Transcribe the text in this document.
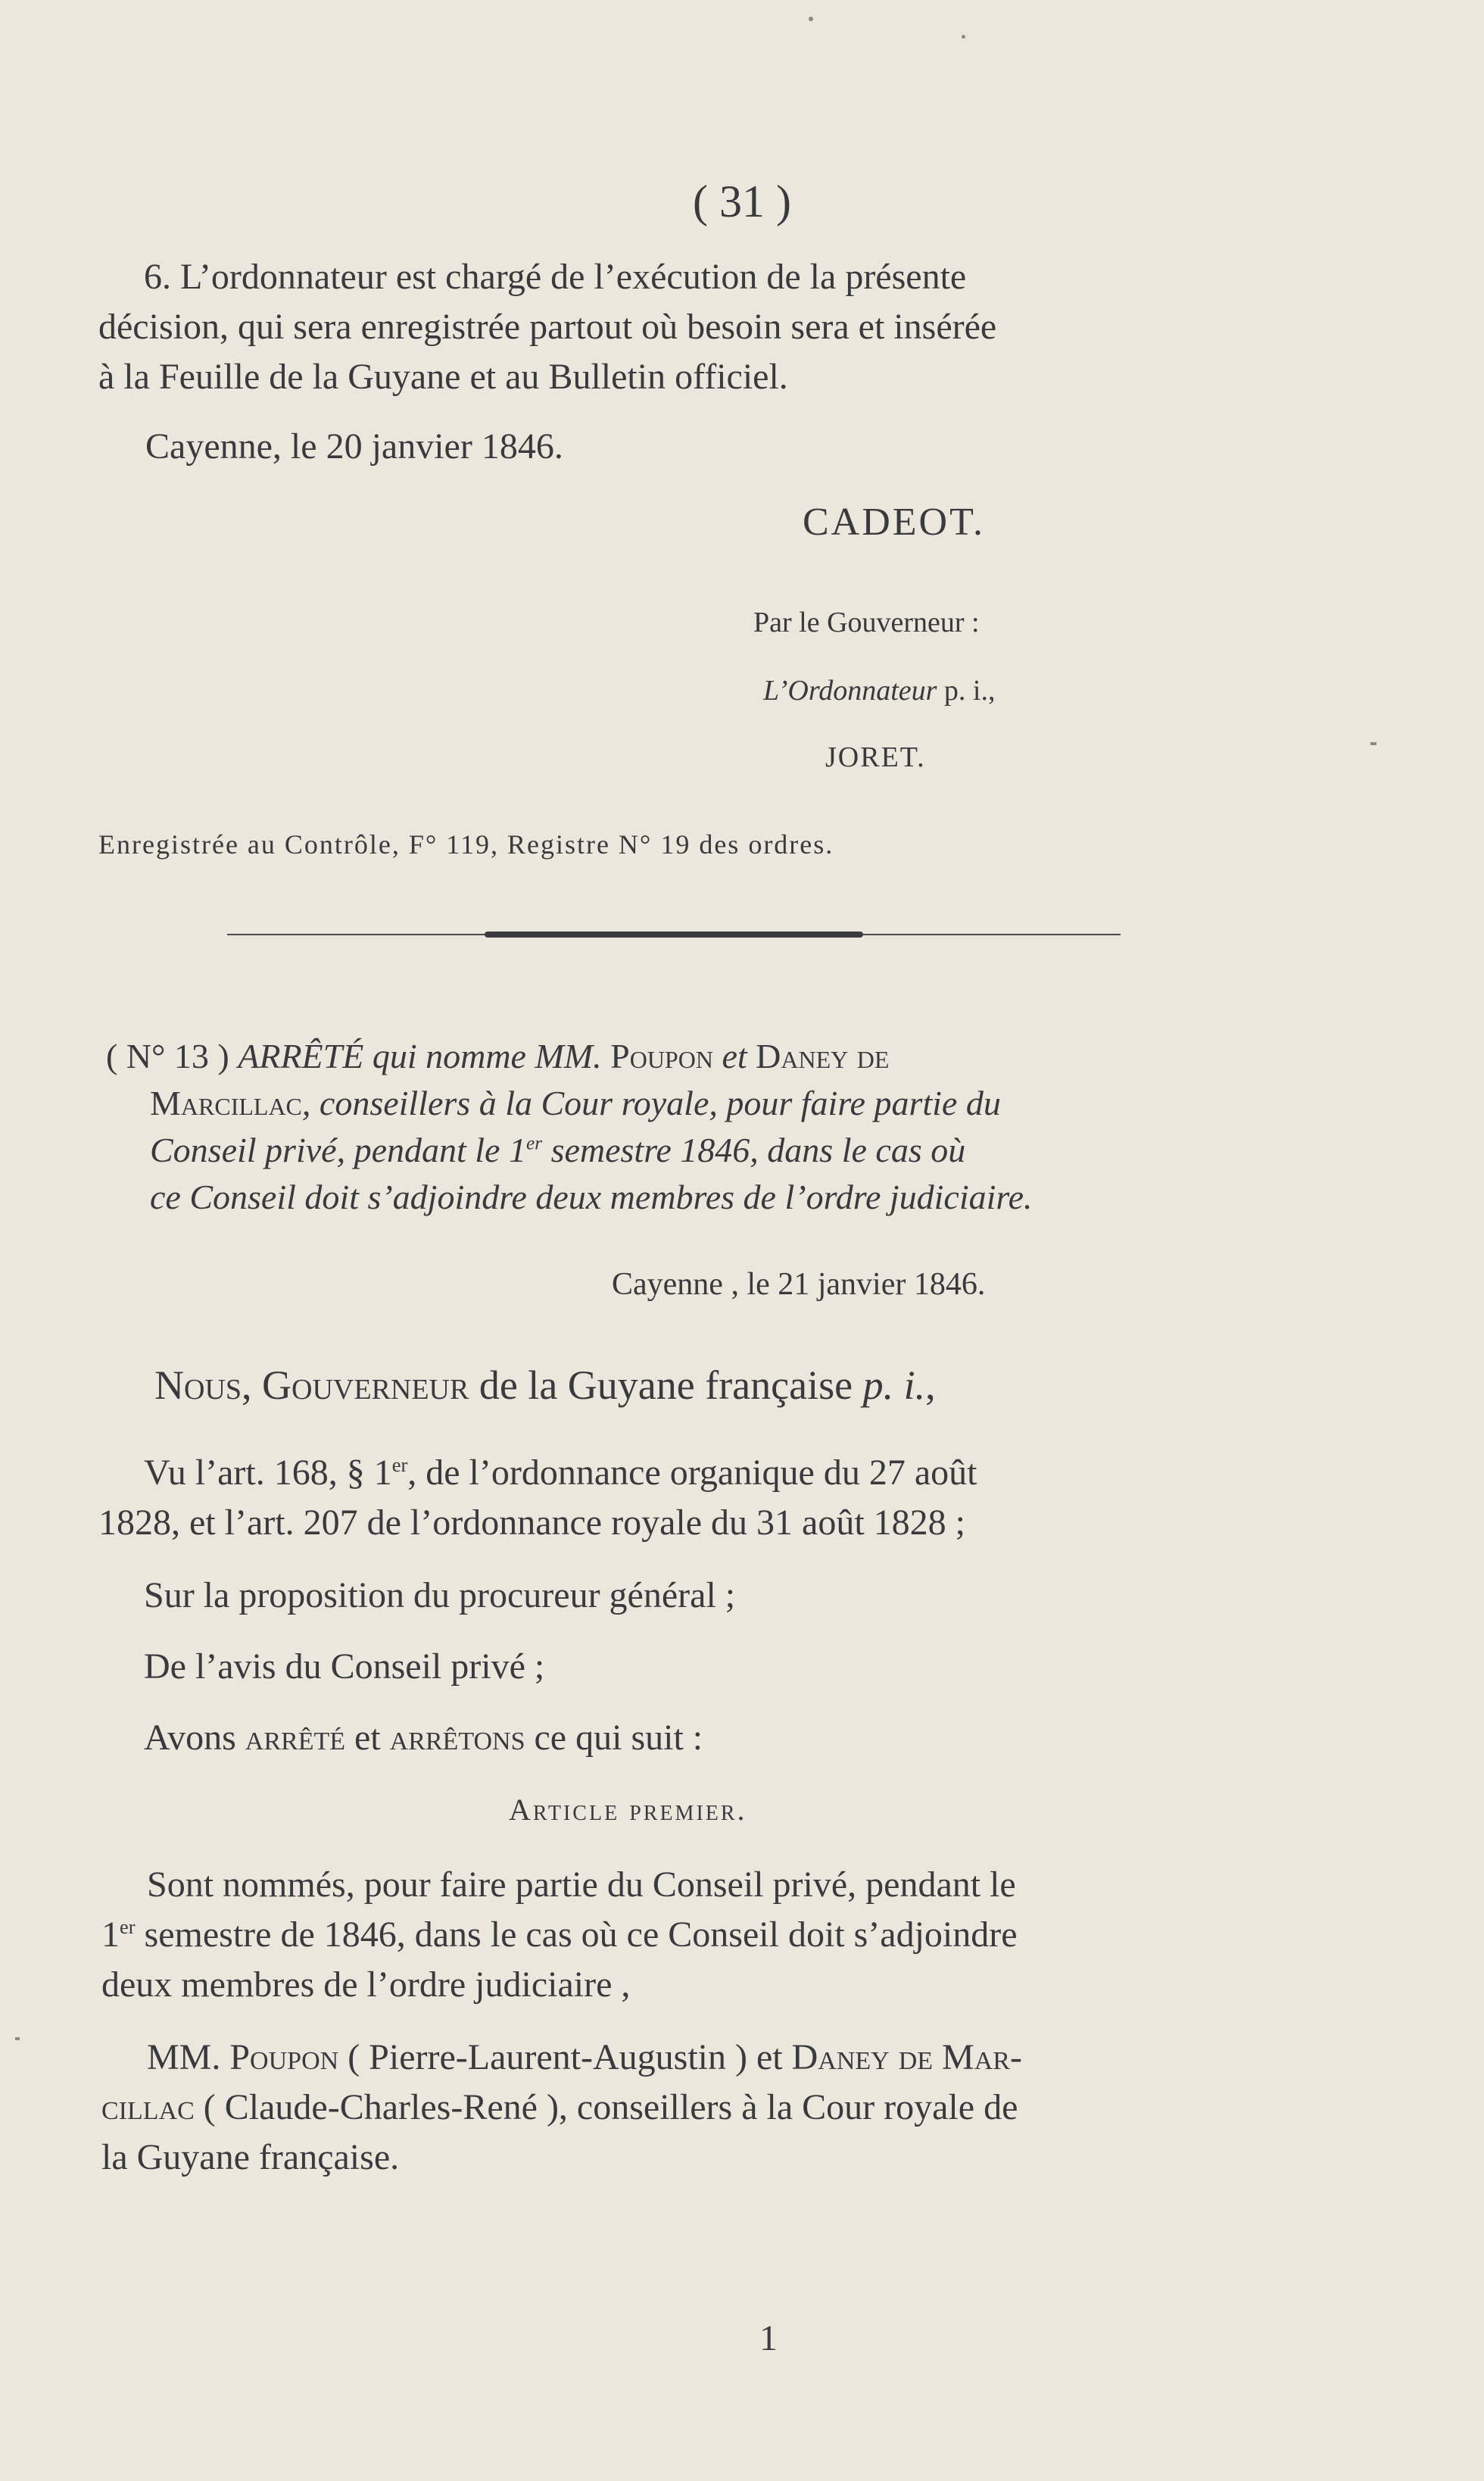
( 31 )
6. L’ordonnateur est chargé de l’exécution de la présente
décision, qui sera enregistrée partout où besoin sera et insérée
à la Feuille de la Guyane et au Bulletin officiel.
Cayenne, le 20 janvier 1846.
CADEOT.
Par le Gouverneur :
L’Ordonnateur p. i.,
JORET.
Enregistrée au Contrôle, F° 119, Registre N° 19 des ordres.
( N° 13 ) ARRÊTÉ qui nomme MM. Poupon et Daney de
Marcillac, conseillers à la Cour royale, pour faire partie du
Conseil privé, pendant le 1er semestre 1846, dans le cas où
ce Conseil doit s’adjoindre deux membres de l’ordre judiciaire.
Cayenne , le 21 janvier 1846.
Nous, Gouverneur de la Guyane française p. i.,
Vu l’art. 168, § 1er, de l’ordonnance organique du 27 août
1828, et l’art. 207 de l’ordonnance royale du 31 août 1828 ;
Sur la proposition du procureur général ;
De l’avis du Conseil privé ;
Avons arrêté et arrêtons ce qui suit :
Article premier.
Sont nommés, pour faire partie du Conseil privé, pendant le
1er semestre de 1846, dans le cas où ce Conseil doit s’adjoindre
deux membres de l’ordre judiciaire ,
MM. Poupon ( Pierre-Laurent-Augustin ) et Daney de Mar-
cillac ( Claude-Charles-René ), conseillers à la Cour royale de
la Guyane française.
1
